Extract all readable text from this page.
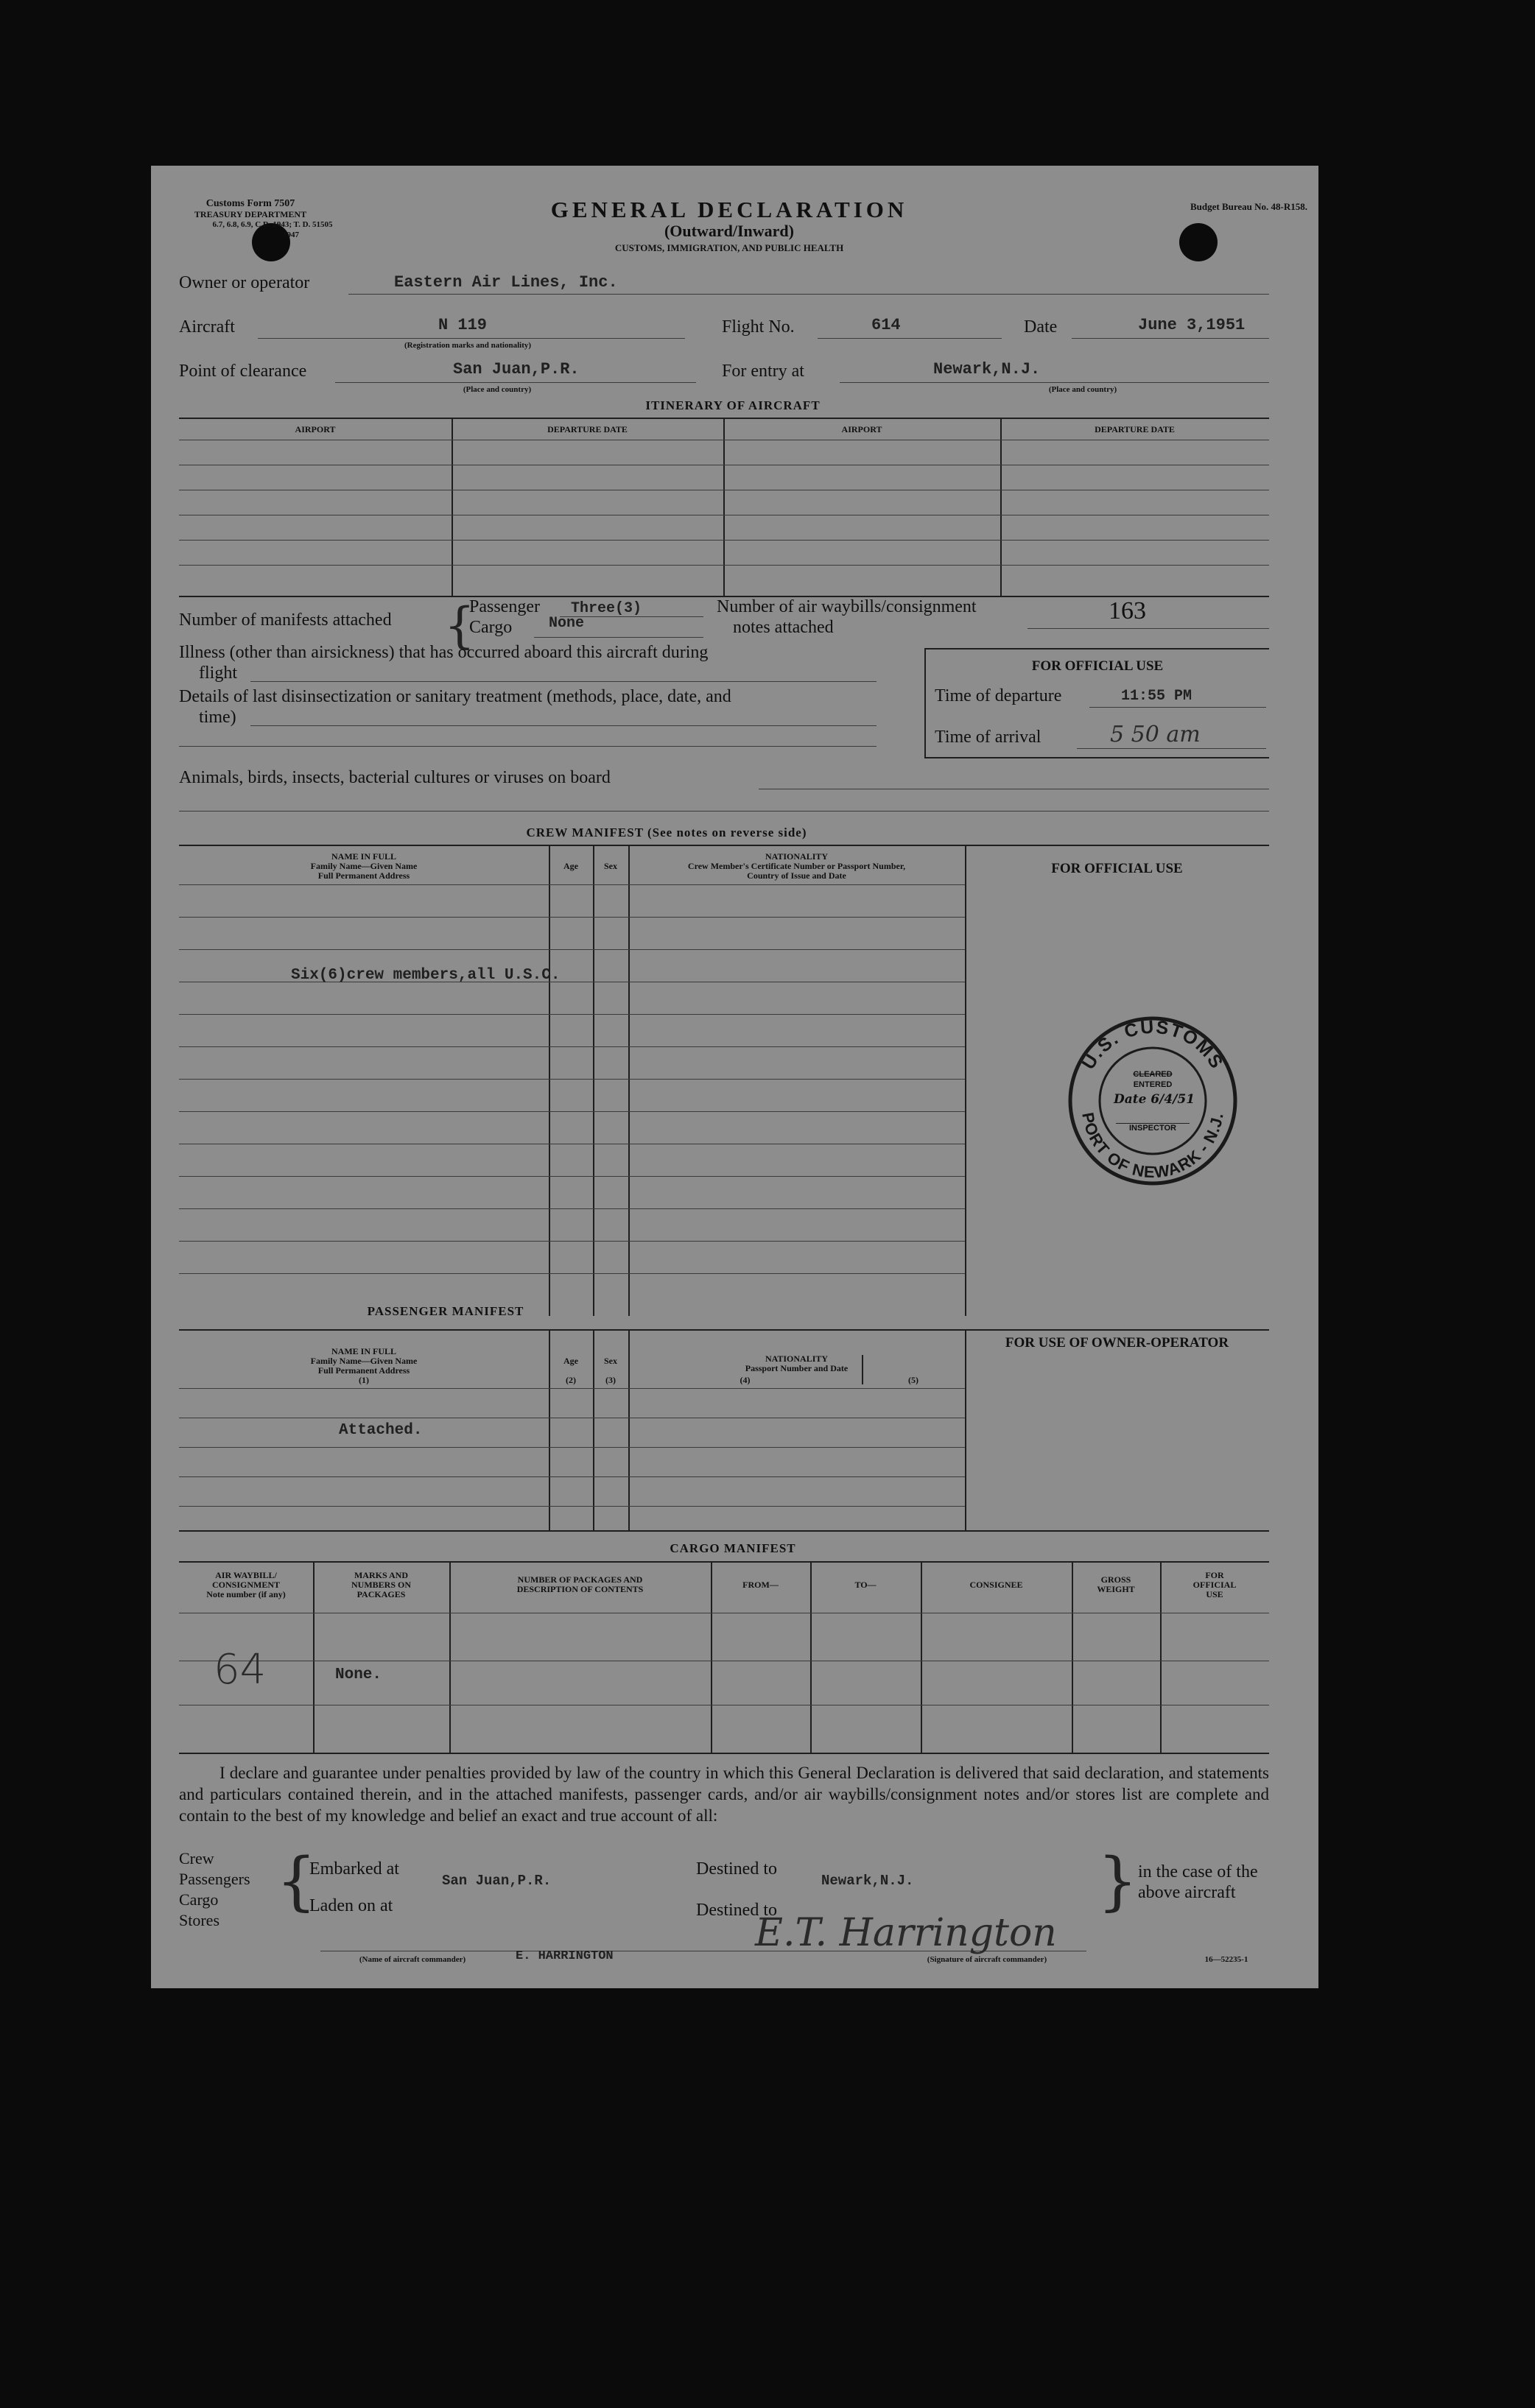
Customs Form 7507
TREASURY DEPARTMENT
6.7, 6.8, 6.9, C.R. 1943; T. D. 51505
1947
GENERAL DECLARATION
(Outward/Inward)
CUSTOMS, IMMIGRATION, AND PUBLIC HEALTH
Budget Bureau No. 48-R158.
Owner or operator	Eastern Air Lines, Inc.
Aircraft	N 119
(Registration marks and nationality)
Flight No.	614	Date	June 3,1951
Point of clearance	San Juan,P.R.
(Place and country)
For entry at	Newark,N.J.
(Place and country)
ITINERARY OF AIRCRAFT
AIRPORT	DEPARTURE DATE	AIRPORT	DEPARTURE DATE
Number of manifests attached {
Passenger Three(3)
Cargo None
Number of air waybills/consignment
notes attached
163
Illness (other than airsickness) that has occurred aboard this aircraft during
flight
Details of last disinsectization or sanitary treatment (methods, place, date, and
time)
Animals, birds, insects, bacterial cultures or viruses on board
FOR OFFICIAL USE
Time of departure	11:55 PM
Time of arrival	5 50 am
CREW MANIFEST (See notes on reverse side)
NAME IN FULL
Family Name—Given Name
Full Permanent Address
Age	Sex
NATIONALITY
Crew Member's Certificate Number or Passport Number,
Country of Issue and Date	FOR OFFICIAL USE
Six(6)crew members,all U.S.C.

U.S. CUSTOMS
PORT OF NEWARK - N.J.
CLEARED
ENTERED
Date 6/4/51
INSPECTOR
PASSENGER MANIFEST
NAME IN FULL
Family Name—Given Name
Full Permanent Address
(1)
Age
(2)
Sex
(3)
NATIONALITY
Passport Number and Date
(4)	(5)
FOR USE OF OWNER-OPERATOR
Attached.
CARGO MANIFEST
AIR WAYBILL/
CONSIGNMENT
Note number (if any)
MARKS AND
NUMBERS ON
PACKAGES
NUMBER OF PACKAGES AND
DESCRIPTION OF CONTENTS	FROM—	TO—	CONSIGNEE	GROSS
WEIGHT
FOR
OFFICIAL
USE
64	None.
I declare and guarantee under penalties provided by law of the country in which this General Declaration is delivered that said declaration, and statements and particulars contained therein, and in the attached manifests, passenger cards, and/or air waybills/consignment notes and/or stores list are complete and contain to the best of my knowledge and belief an exact and true account of all:
Crew
Passengers
Cargo
Stores
{
Embarked at
San Juan,P.R.
Laden on at
Destined to
Newark,N.J.
Destined to	} in the case of the
above aircraft
(Name of aircraft commander)	E. HARRINGTON
E.T. Harrington
(Signature of aircraft commander)	16—52235-1
